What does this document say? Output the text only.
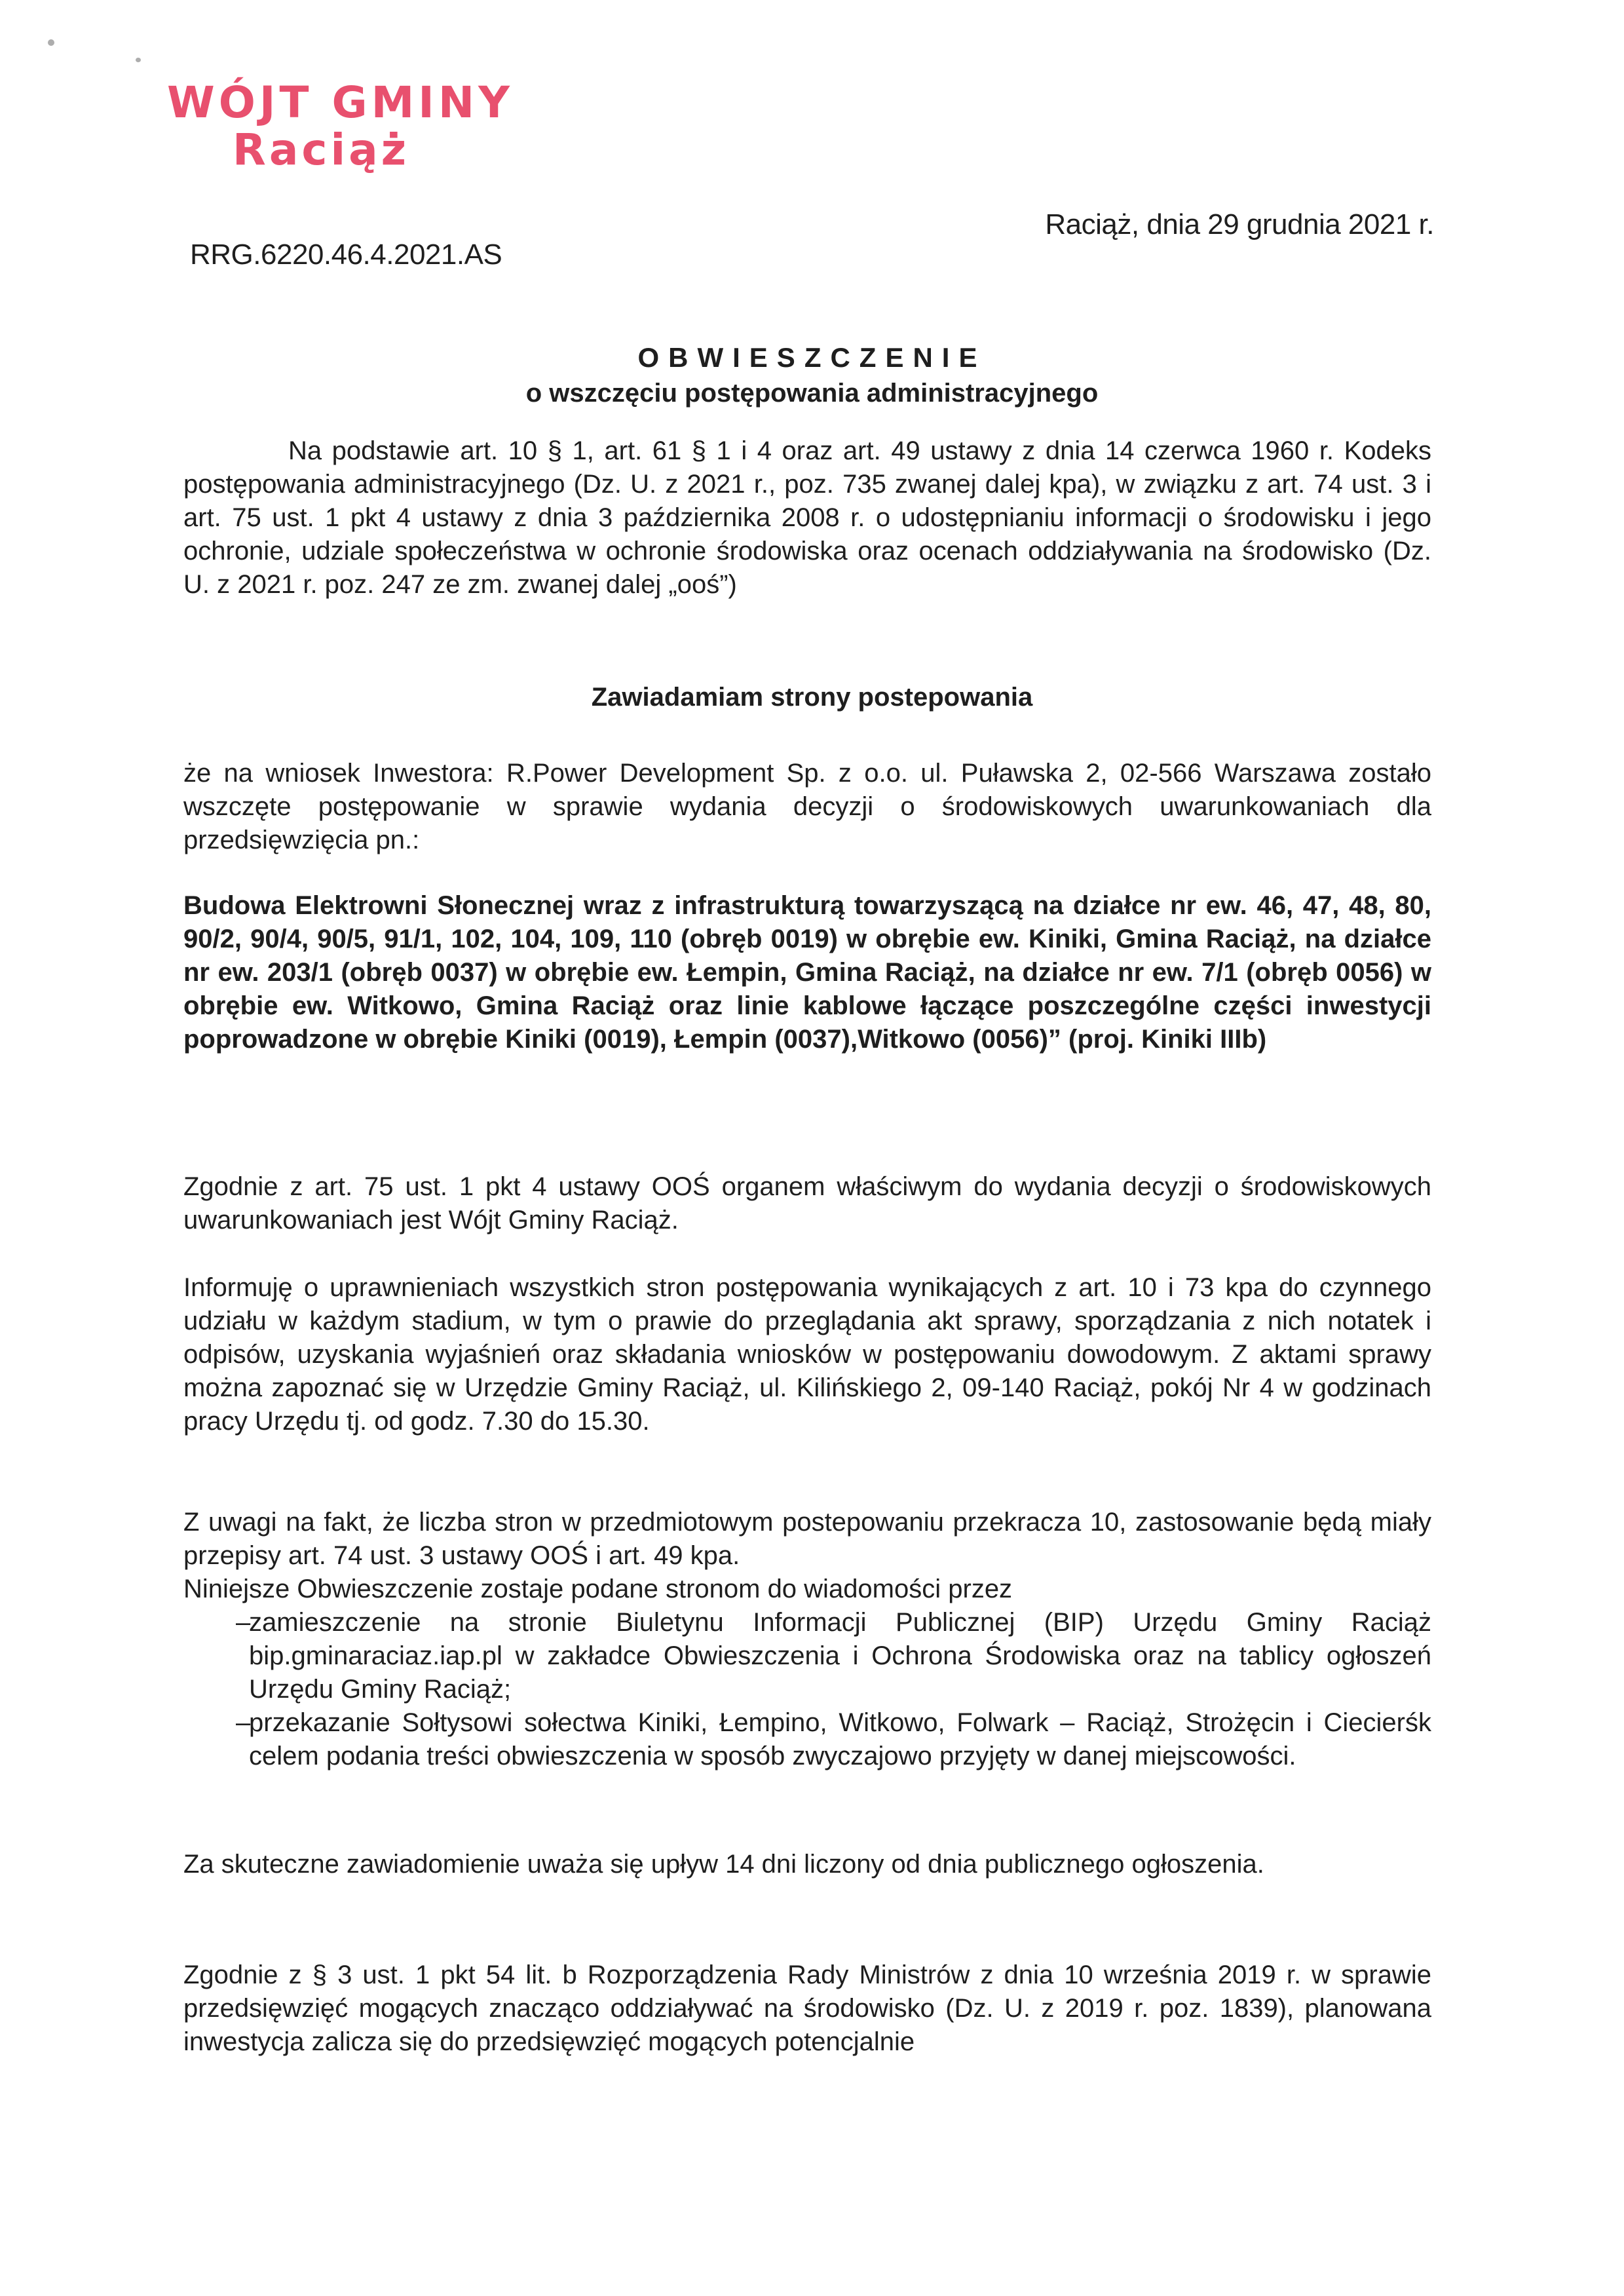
WÓJT GMINY
Raciąż
Raciąż, dnia 29 grudnia 2021 r.
RRG.6220.46.4.2021.AS
OBWIESZCZENIE
o wszczęciu postępowania administracyjnego

Na podstawie art. 10 § 1, art. 61 § 1 i 4 oraz art. 49 ustawy z dnia 14 czerwca 1960 r. Kodeks postępowania administracyjnego (Dz. U. z 2021 r., poz. 735 zwanej dalej kpa), w związku z art. 74 ust. 3 i art. 75 ust. 1 pkt 4 ustawy z dnia 3 października 2008 r. o udostępnianiu informacji o środowisku i jego ochronie, udziale społeczeństwa w ochronie środowiska oraz ocenach oddziaływania na środowisko (Dz. U. z 2021 r. poz. 247 ze zm. zwanej dalej „ooś”)

Zawiadamiam strony postepowania

że na wniosek Inwestora: R.Power Development Sp. z o.o. ul. Puławska 2, 02-566 Warszawa zostało wszczęte postępowanie w sprawie wydania decyzji o środowiskowych uwarunkowaniach dla przedsięwzięcia pn.:

Budowa Elektrowni Słonecznej wraz z infrastrukturą towarzyszącą na działce nr ew. 46, 47, 48, 80, 90/2, 90/4, 90/5, 91/1, 102, 104, 109, 110 (obręb 0019) w obrębie ew. Kiniki, Gmina Raciąż, na działce nr ew. 203/1 (obręb 0037) w obrębie ew. Łempin, Gmina Raciąż, na działce nr ew. 7/1 (obręb 0056) w obrębie ew. Witkowo, Gmina Raciąż oraz linie kablowe łączące poszczególne części inwestycji poprowadzone w obrębie Kiniki (0019), Łempin (0037),Witkowo (0056)” (proj. Kiniki IIIb)

Zgodnie z art. 75 ust. 1 pkt 4 ustawy OOŚ organem właściwym do wydania decyzji o środowiskowych uwarunkowaniach jest Wójt Gminy Raciąż.

Informuję o uprawnieniach wszystkich stron postępowania wynikających z art. 10 i 73 kpa do czynnego udziału w każdym stadium, w tym o prawie do przeglądania akt sprawy, sporządzania z nich notatek i odpisów, uzyskania wyjaśnień oraz składania wniosków w postępowaniu dowodowym. Z aktami sprawy można zapoznać się w Urzędzie Gminy Raciąż, ul. Kilińskiego 2, 09-140 Raciąż, pokój Nr 4 w godzinach pracy Urzędu tj. od godz. 7.30 do 15.30.

Z uwagi na fakt, że liczba stron w przedmiotowym postepowaniu przekracza 10, zastosowanie będą miały przepisy art. 74 ust. 3 ustawy OOŚ i art. 49 kpa.

Niniejsze Obwieszczenie zostaje podane stronom do wiadomości przez

–
zamieszczenie na stronie Biuletynu Informacji Publicznej (BIP) Urzędu Gminy Raciąż bip.gminaraciaz.iap.pl w zakładce Obwieszczenia i Ochrona Środowiska oraz na tablicy ogłoszeń Urzędu Gminy Raciąż;
–
przekazanie Sołtysowi sołectwa Kiniki, Łempino, Witkowo, Folwark – Raciąż, Strożęcin i Ciecierśk celem podania treści obwieszczenia w sposób zwyczajowo przyjęty w danej miejscowości.

Za skuteczne zawiadomienie uważa się upływ 14 dni liczony od dnia publicznego ogłoszenia.

Zgodnie z § 3 ust. 1 pkt 54 lit. b Rozporządzenia Rady Ministrów z dnia 10 września 2019 r. w sprawie przedsięwzięć mogących znacząco oddziaływać na środowisko (Dz. U. z 2019 r. poz. 1839), planowana inwestycja zalicza się do przedsięwzięć mogących potencjalnie
